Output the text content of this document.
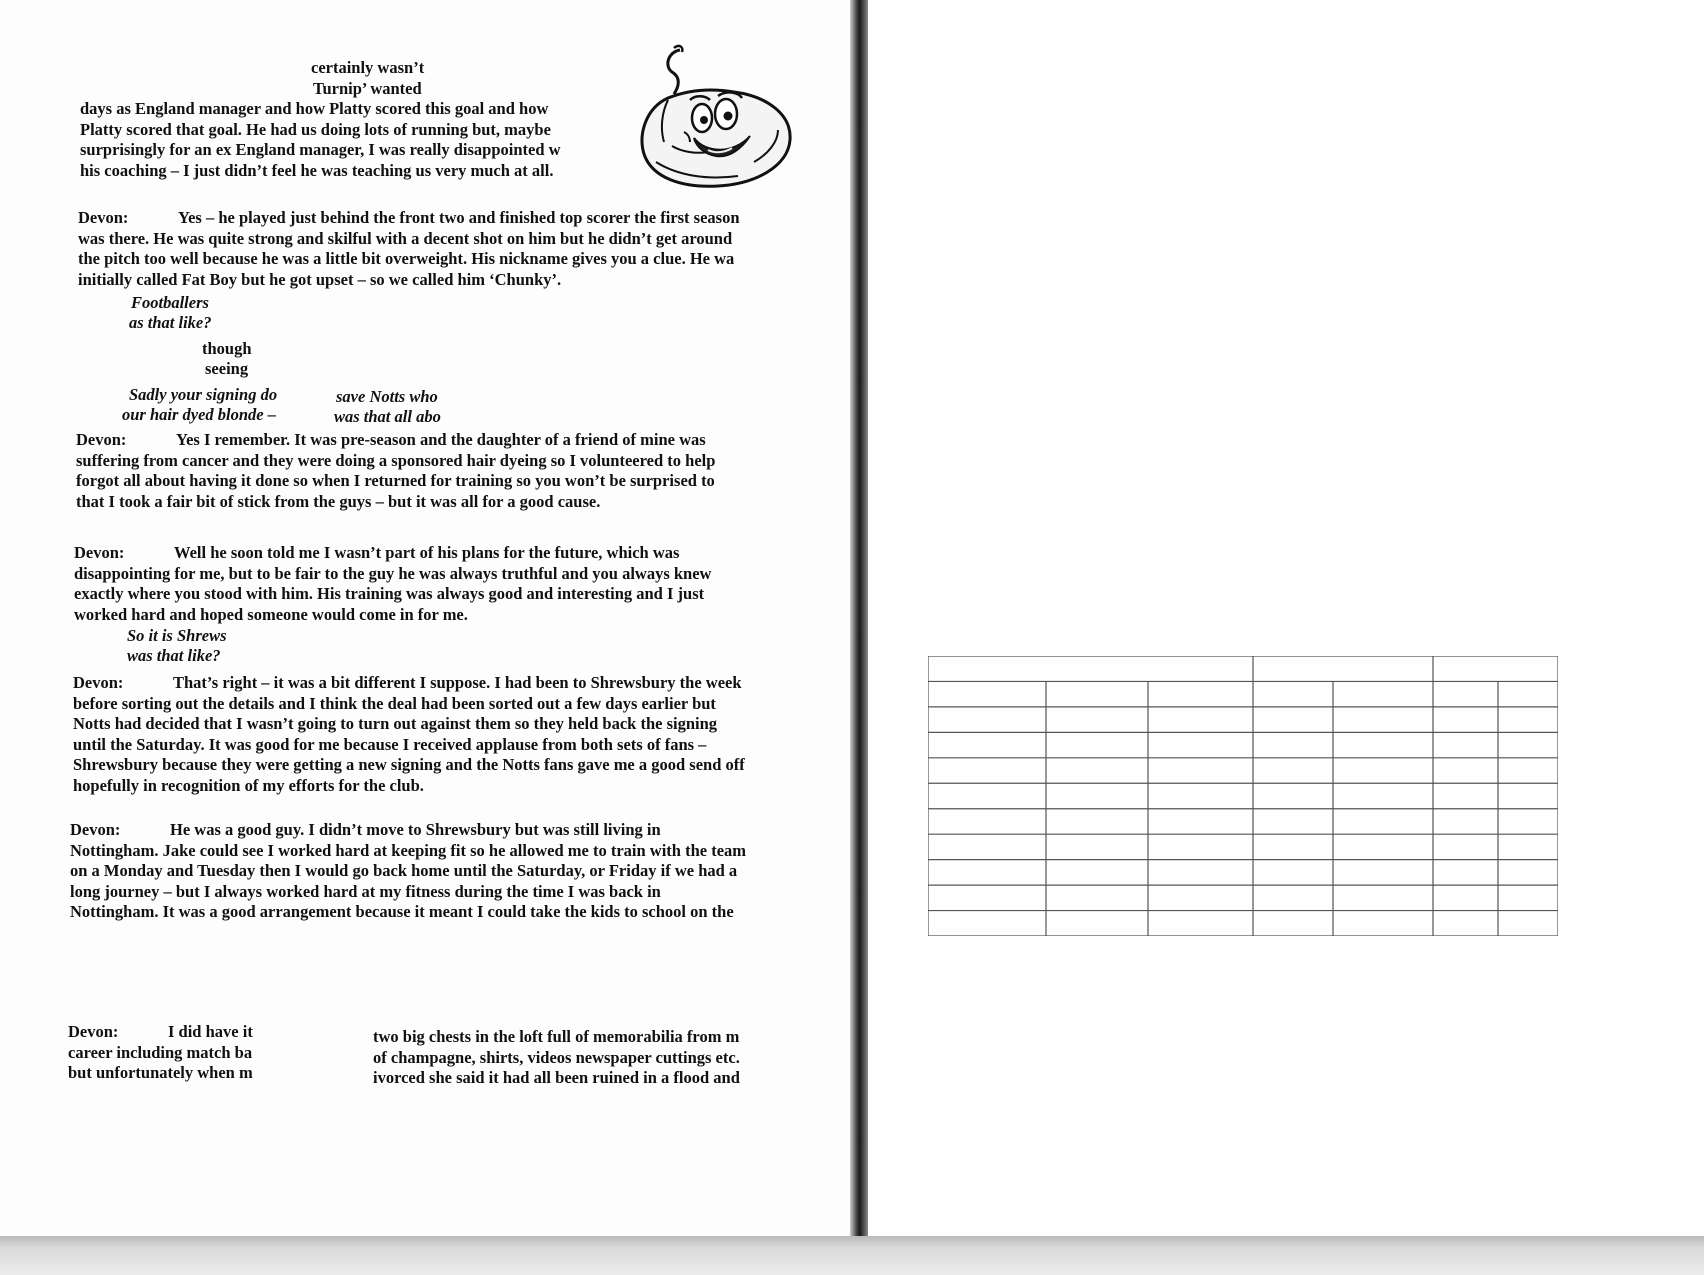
certainly wasn’t
Turnip’ wanted
days as England manager and how Platty scored this goal and how
Platty scored that goal. He had us doing lots of running but, maybe
surprisingly for an ex England manager, I was really disappointed w
his coaching – I just didn’t feel he was teaching us very much at all.
Devon:	Yes – he played just behind the front two and finished top scorer the first season
was there. He was quite strong and skilful with a decent shot on him but he didn’t get around
the pitch too well because he was a little bit overweight. His nickname gives you a clue. He wa
initially called Fat Boy but he got upset – so we called him ‘Chunky’.
Footballers
as that like?
though
seeing
Sadly your signing do
our hair dyed blonde –
save Notts who
was that all abo
Devon:	Yes I remember. It was pre-season and the daughter of a friend of mine was
suffering from cancer and they were doing a sponsored hair dyeing so I volunteered to help
forgot all about having it done so when I returned for training so you won’t be surprised to
that I took a fair bit of stick from the guys – but it was all for a good cause.
Devon:	Well he soon told me I wasn’t part of his plans for the future, which was
disappointing for me, but to be fair to the guy he was always truthful and you always knew
exactly where you stood with him. His training was always good and interesting and I just
worked hard and hoped someone would come in for me.
So it is Shrews
was that like?
Devon:	That’s right – it was a bit different I suppose. I had been to Shrewsbury the week
before sorting out the details and I think the deal had been sorted out a few days earlier but
Notts had decided that I wasn’t going to turn out against them so they held back the signing
until the Saturday. It was good for me because I received applause from both sets of fans –
Shrewsbury because they were getting a new signing and the Notts fans gave me a good send off
hopefully in recognition of my efforts for the club.
Devon:	He was a good guy. I didn’t move to Shrewsbury but was still living in
Nottingham. Jake could see I worked hard at keeping fit so he allowed me to train with the team
on a Monday and Tuesday then I would go back home until the Saturday, or Friday if we had a
long journey – but I always worked hard at my fitness during the time I was back in
Nottingham. It was a good arrangement because it meant I could take the kids to school on the
Devon:	I did have it
career including match ba
but unfortunately when m
two big chests in the loft full of memorabilia from m
of champagne, shirts, videos newspaper cuttings etc.
ivorced she said it had all been ruined in a flood and
